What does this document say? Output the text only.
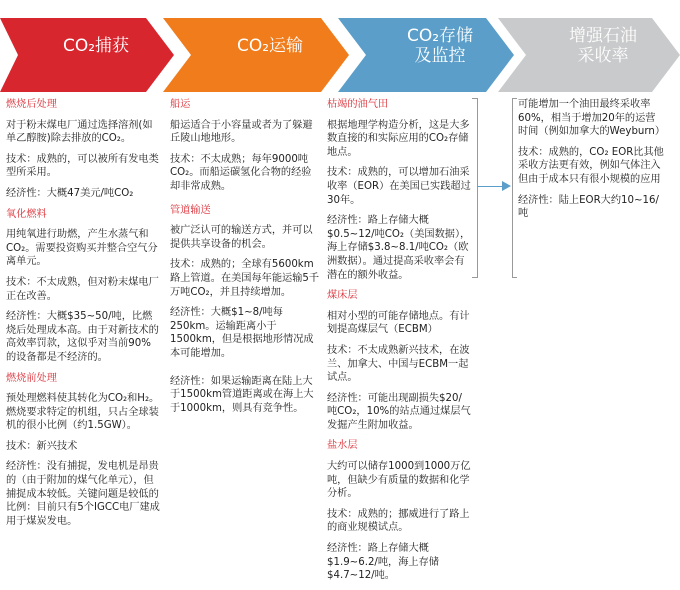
CO₂捕获	CO₂运输	CO₂存储
及监控
增强石油
采收率

燃烧后处理

对于粉末煤电厂通过选择溶剂(如单乙醇胺)除去排放的CO₂。

技术：成熟的，可以被所有发电类型所采用。

经济性：大概47美元/吨CO₂

氧化燃料

用纯氧进行助燃，产生水蒸气和CO₂。需要投资购买并整合空气分离单元。

技术：不太成熟，但对粉末煤电厂正在改善。

经济性：大概$35~50/吨，比燃烧后处理成本高。由于对新技术的高效率罚款，这似乎对当前90%的设备都是不经济的。

燃烧前处理

预处理燃料使其转化为CO₂和H₂。燃烧要求特定的机组，只占全球装机的很小比例（约1.5GW）。

技术：新兴技术

经济性：没有捕捉，发电机是昂贵的（由于附加的煤气化单元），但捕捉成本较低。关键问题是较低的比例：目前只有5个IGCC电厂建成用于煤炭发电。

船运

船运适合于小容量或者为了躲避丘陵山地地形。

技术：不太成熟；每年9000吨CO₂。而船运碳氢化合物的经验却非常成熟。

管道输送

被广泛认可的输送方式，并可以提供共享设备的机会。

技术：成熟的；全球有5600km路上管道。在美国每年能运输5千万吨CO₂，并且持续增加。

经济性：大概$1~8/吨每250km。运输距离小于1500km，但是根据地形情况成本可能增加。

经济性：如果运输距离在陆上大于1500km管道距离或在海上大于1000km，则具有竞争性。

枯竭的油气田

根据地理学构造分析，这是大多数直接的和实际应用的CO₂存储地点。

技术：成熟的，可以增加石油采收率（EOR）在美国已实践超过30年。

经济性：路上存储大概$0.5~12/吨CO₂（美国数据），海上存储$3.8~8.1/吨CO₂（欧洲数据）。通过提高采收率会有潜在的额外收益。

煤床层

相对小型的可能存储地点。有计划提高煤层气（ECBM）

技术：不太成熟新兴技术，在波兰、加拿大、中国与ECBM一起试点。

经济性：可能出现副损失$20/吨CO₂，10%的站点通过煤层气发掘产生附加收益。

盐水层

大约可以储存1000到1000万亿吨，但缺少有质量的数据和化学分析。

技术：成熟的；挪威进行了路上的商业规模试点。

经济性：路上存储大概$1.9~6.2/吨，海上存储$4.7~12/吨。

可能增加一个油田最终采收率60%，相当于增加20年的运营时间（例如加拿大的Weyburn）

技术：成熟的，CO₂ EOR比其他采收方法更有效，例如气体注入但由于成本只有很小规模的应用

经济性：陆上EOR大约10~16/吨
